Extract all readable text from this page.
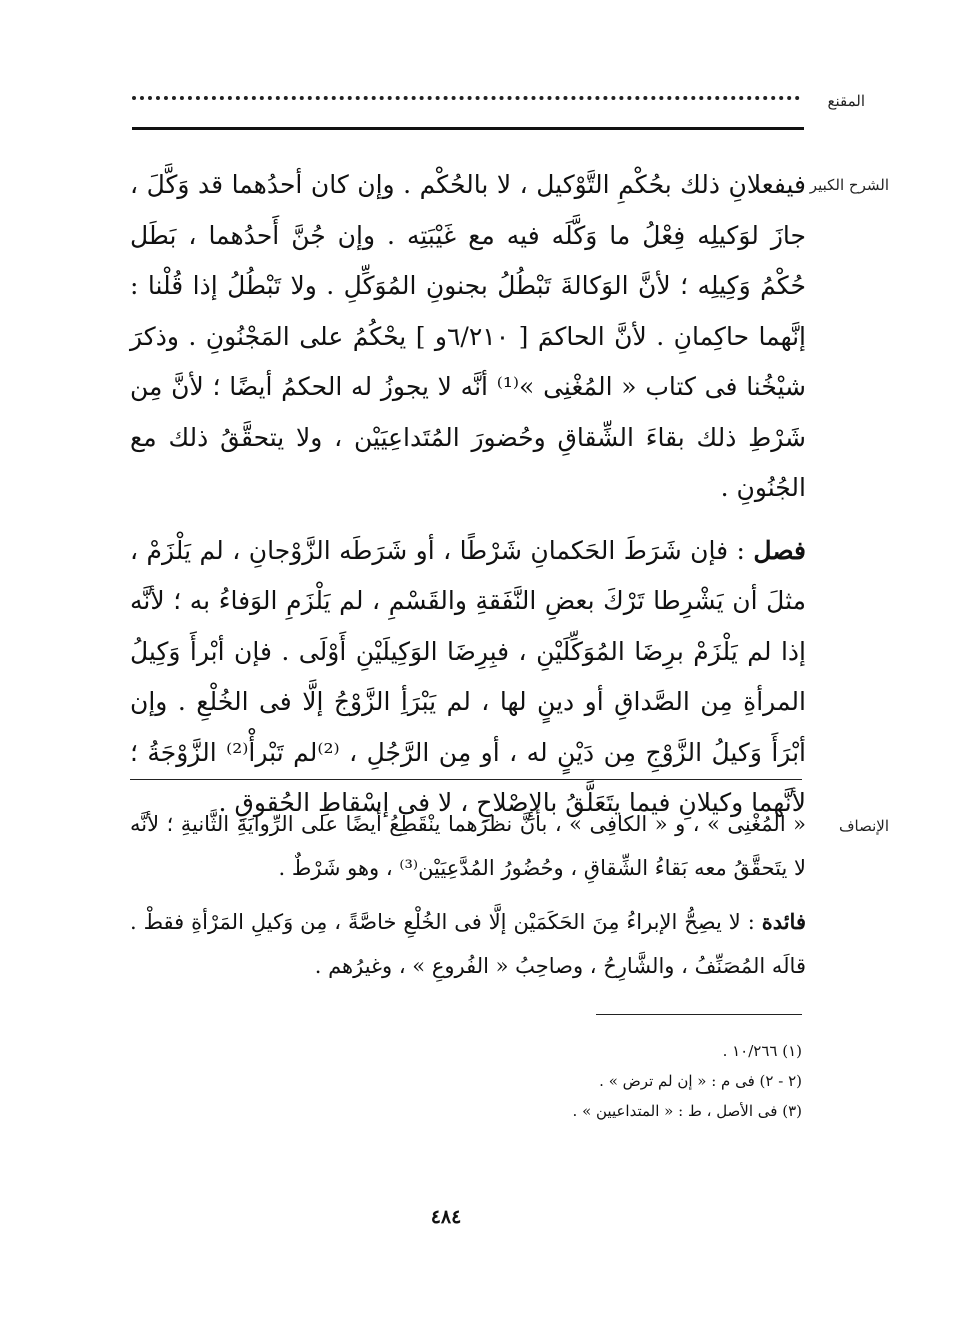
المقنع
الشرح الكبير

فيفعلانِ ذلك بحُكْمِ التَّوْكيل ، لا بالحُكْم . وإن كان أحدُهما قد وَكَّلَ ، جازَ لوَكيلِه فِعْلُ ما وَكَّلَه فيه مع غَيْبَتِه . وإن جُنَّ أَحدُهما ، بَطَل حُكْمُ وَكِيلِه ؛ لأنَّ الوَكالةَ تَبْطُلُ بجنونِ المُوَكِّلِ . ولا تَبْطُلُ إذا قُلْنا : إنَّهما حاكِمانِ . لأنَّ الحاكمَ [ ٦/٢١٠و ] يحْكُمُ على المَجْنُونِ . وذكرَ شيْخُنا فى كتاب « المُغْنِى »⁽¹⁾ أنَّه لا يجوزُ له الحكمُ أيضًا ؛ لأنَّ مِن شَرْطِ ذلك بقاءَ الشِّقاقِ وحُضورَ المُتَداعِيَيْن ، ولا يتحقَّقُ ذلك مع الجُنُونِ .

فصل : فإن شَرَطَ الحَكمانِ شَرْطًا ، أو شَرَطَه الزَّوْجانِ ، لم يَلْزَمْ ، مثلَ أن يَشْرِطا تَرْكَ بعضِ النَّفَقةِ والقَسْمِ ، لم يَلْزَمِ الوَفاءُ به ؛ لأنَّه إذا لم يَلْزَمْ برِضَا المُوَكِّلَيْنِ ، فبِرِضَا الوَكِيلَيْنِ أَوْلَى . فإن أبْرأَ وَكِيلُ المرأةِ مِن الصَّداقِ أو دينٍ لها ، لم يَبْرَأِ الزَّوْجُ إلَّا فى الخُلْعِ . وإن أبْرَأَ وَكيلُ الزَّوْجِ مِن دَيْنٍ له ، أو مِن الرَّجُلِ ، ⁽²⁾لم تَبْرأْ⁽²⁾ الزَّوْجَةُ ؛ لأنَّهما وكيلانِ فيما يتَعَلَّقُ بالإِصْلاحِ ، لا فى إسْقاطِ الحُقوقِ .

الإنصاف

« المُغْنِى » ، و « الكافِى » ، بأنَّ نظرَهما ينْقَطِعُ أيضًا على الرِّوايَةِ الثَّانيةِ ؛ لأنَّه لا يتَحقَّقُ معه بَقاءُ الشِّقاقِ ، وحُضُورُ المُدَّعِيَيْن⁽³⁾ ، وهو شَرْطٌ .

فائدة : لا يصِحُّ الإبراءُ مِنَ الحَكَمَيْن إلَّا فى الخُلْعِ خاصَّةً ، مِن وَكيلِ المَرْأةِ فقطْ . قالَه المُصَنِّفُ ، والشَّارِحُ ، وصاحِبُ « الفُروعِ » ، وغيرُهم .

(١) ١٠/٢٦٦ .
(٢ - ٢) فى م : « إن لم ترض » .
(٣) فى الأصل ، ط : « المتداعيين » .
٤٨٤
